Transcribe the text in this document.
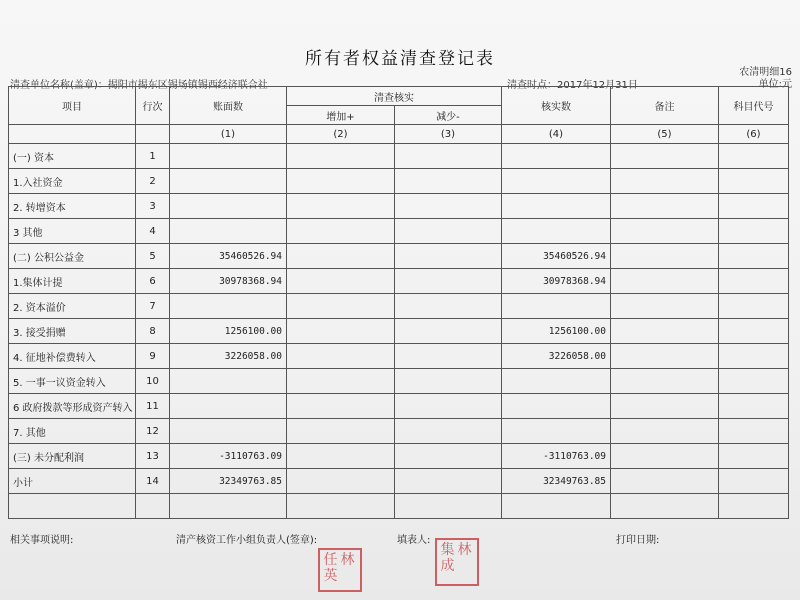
所有者权益清查登记表
农清明细16
单位:元
清查单位名称(盖章)：揭阳市揭东区锡场镇锡西经济联合社	清查时点：2017年12月31日
项目	行次	账面数	清查核实		核实数	备注	科目代号
			增加+	减少-			
		(1)	(2)	(3)	(4)	(5)	(6)
(一) 资本	1						
1.入社资金	2						
2. 转增资本	3						
3 其他	4						
(二) 公积公益金	5	35460526.94			35460526.94		
1.集体计提	6	30978368.94			30978368.94		
2. 资本溢价	7						
3. 接受捐赠	8	1256100.00			1256100.00		
4. 征地补偿费转入	9	3226058.00			3226058.00		
5. 一事一议资金转入	10						
6 政府拨款等形成资产转入	11						
7. 其他	12						
(三) 未分配利润	13	-3110763.09			-3110763.09		
小计	14	32349763.85			32349763.85		

相关事项说明:	清产核资工作小组负责人(签章):	填表人:	打印日期:
任 林
英
集 林
成
